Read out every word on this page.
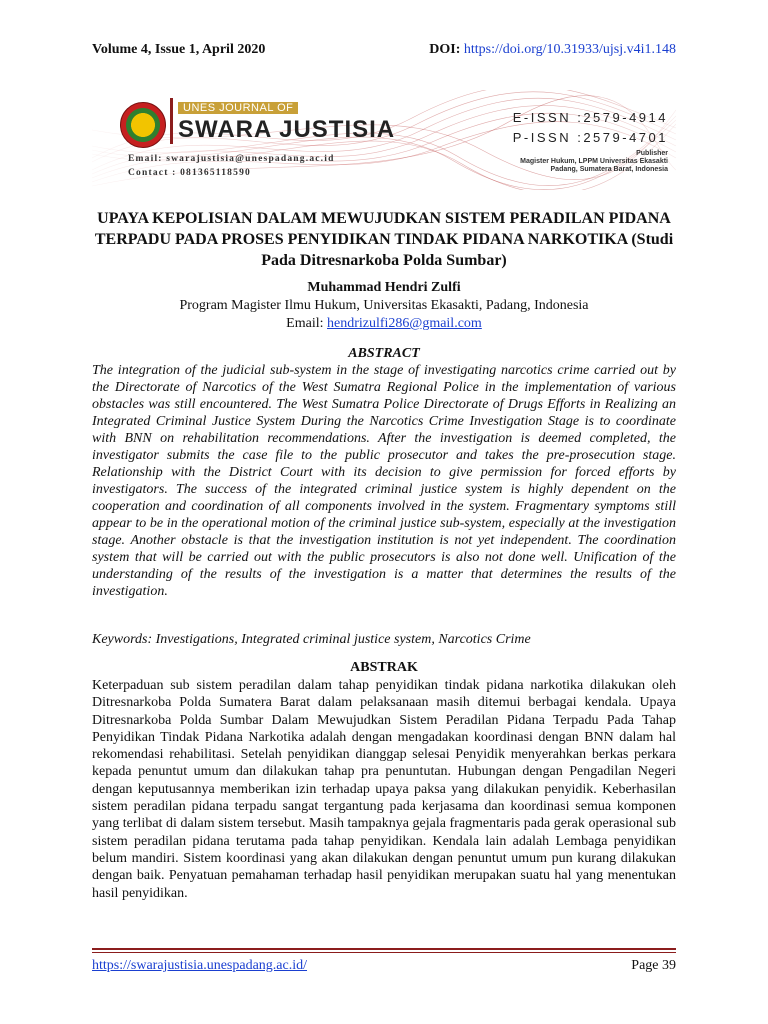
Volume 4, Issue 1, April 2020	DOI: https://doi.org/10.31933/ujsj.v4i1.148
UNES JOURNAL OF
SWARA JUSTISIA
Email: swarajustisia@unespadang.ac.id
Contact : 081365118590
E-ISSN :2579-4914
P-ISSN :2579-4701
Publisher
Magister Hukum, LPPM Universitas Ekasakti
Padang, Sumatera Barat, Indonesia
UPAYA KEPOLISIAN DALAM MEWUJUDKAN SISTEM PERADILAN PIDANA TERPADU PADA PROSES PENYIDIKAN TINDAK PIDANA NARKOTIKA (Studi Pada Ditresnarkoba Polda Sumbar)
Muhammad Hendri Zulfi
Program Magister Ilmu Hukum, Universitas Ekasakti, Padang, Indonesia
Email: hendrizulfi286@gmail.com
ABSTRACT
The integration of the judicial sub-system in the stage of investigating narcotics crime carried out by the Directorate of Narcotics of the West Sumatra Regional Police in the implementation of various obstacles was still encountered. The West Sumatra Police Directorate of Drugs Efforts in Realizing an Integrated Criminal Justice System During the Narcotics Crime Investigation Stage is to coordinate with BNN on rehabilitation recommendations. After the investigation is deemed completed, the investigator submits the case file to the public prosecutor and takes the pre-prosecution stage. Relationship with the District Court with its decision to give permission for forced efforts by investigators. The success of the integrated criminal justice system is highly dependent on the cooperation and coordination of all components involved in the system. Fragmentary symptoms still appear to be in the operational motion of the criminal justice sub-system, especially at the investigation stage. Another obstacle is that the investigation institution is not yet independent. The coordination system that will be carried out with the public prosecutors is also not done well. Unification of the understanding of the results of the investigation is a matter that determines the results of the investigation.
Keywords: Investigations, Integrated criminal justice system, Narcotics Crime
ABSTRAK
Keterpaduan sub sistem peradilan dalam tahap penyidikan tindak pidana narkotika dilakukan oleh Ditresnarkoba Polda Sumatera Barat dalam pelaksanaan masih ditemui berbagai kendala. Upaya Ditresnarkoba Polda Sumbar Dalam Mewujudkan Sistem Peradilan Pidana Terpadu Pada Tahap Penyidikan Tindak Pidana Narkotika adalah dengan mengadakan koordinasi dengan BNN dalam hal rekomendasi rehabilitasi. Setelah penyidikan dianggap selesai Penyidik menyerahkan berkas perkara kepada penuntut umum dan dilakukan tahap pra penuntutan. Hubungan dengan Pengadilan Negeri dengan keputusannya memberikan izin terhadap upaya paksa yang dilakukan penyidik. Keberhasilan sistem peradilan pidana terpadu sangat tergantung pada kerjasama dan koordinasi semua komponen yang terlibat di dalam sistem tersebut. Masih tampaknya gejala fragmentaris pada gerak operasional sub sistem peradilan pidana terutama pada tahap penyidikan. Kendala lain adalah Lembaga penyidikan belum mandiri. Sistem koordinasi yang akan dilakukan dengan penuntut umum pun kurang dilakukan dengan baik. Penyatuan pemahaman terhadap hasil penyidikan merupakan suatu hal yang menentukan hasil penyidikan.
https://swarajustisia.unespadang.ac.id/	Page 39
